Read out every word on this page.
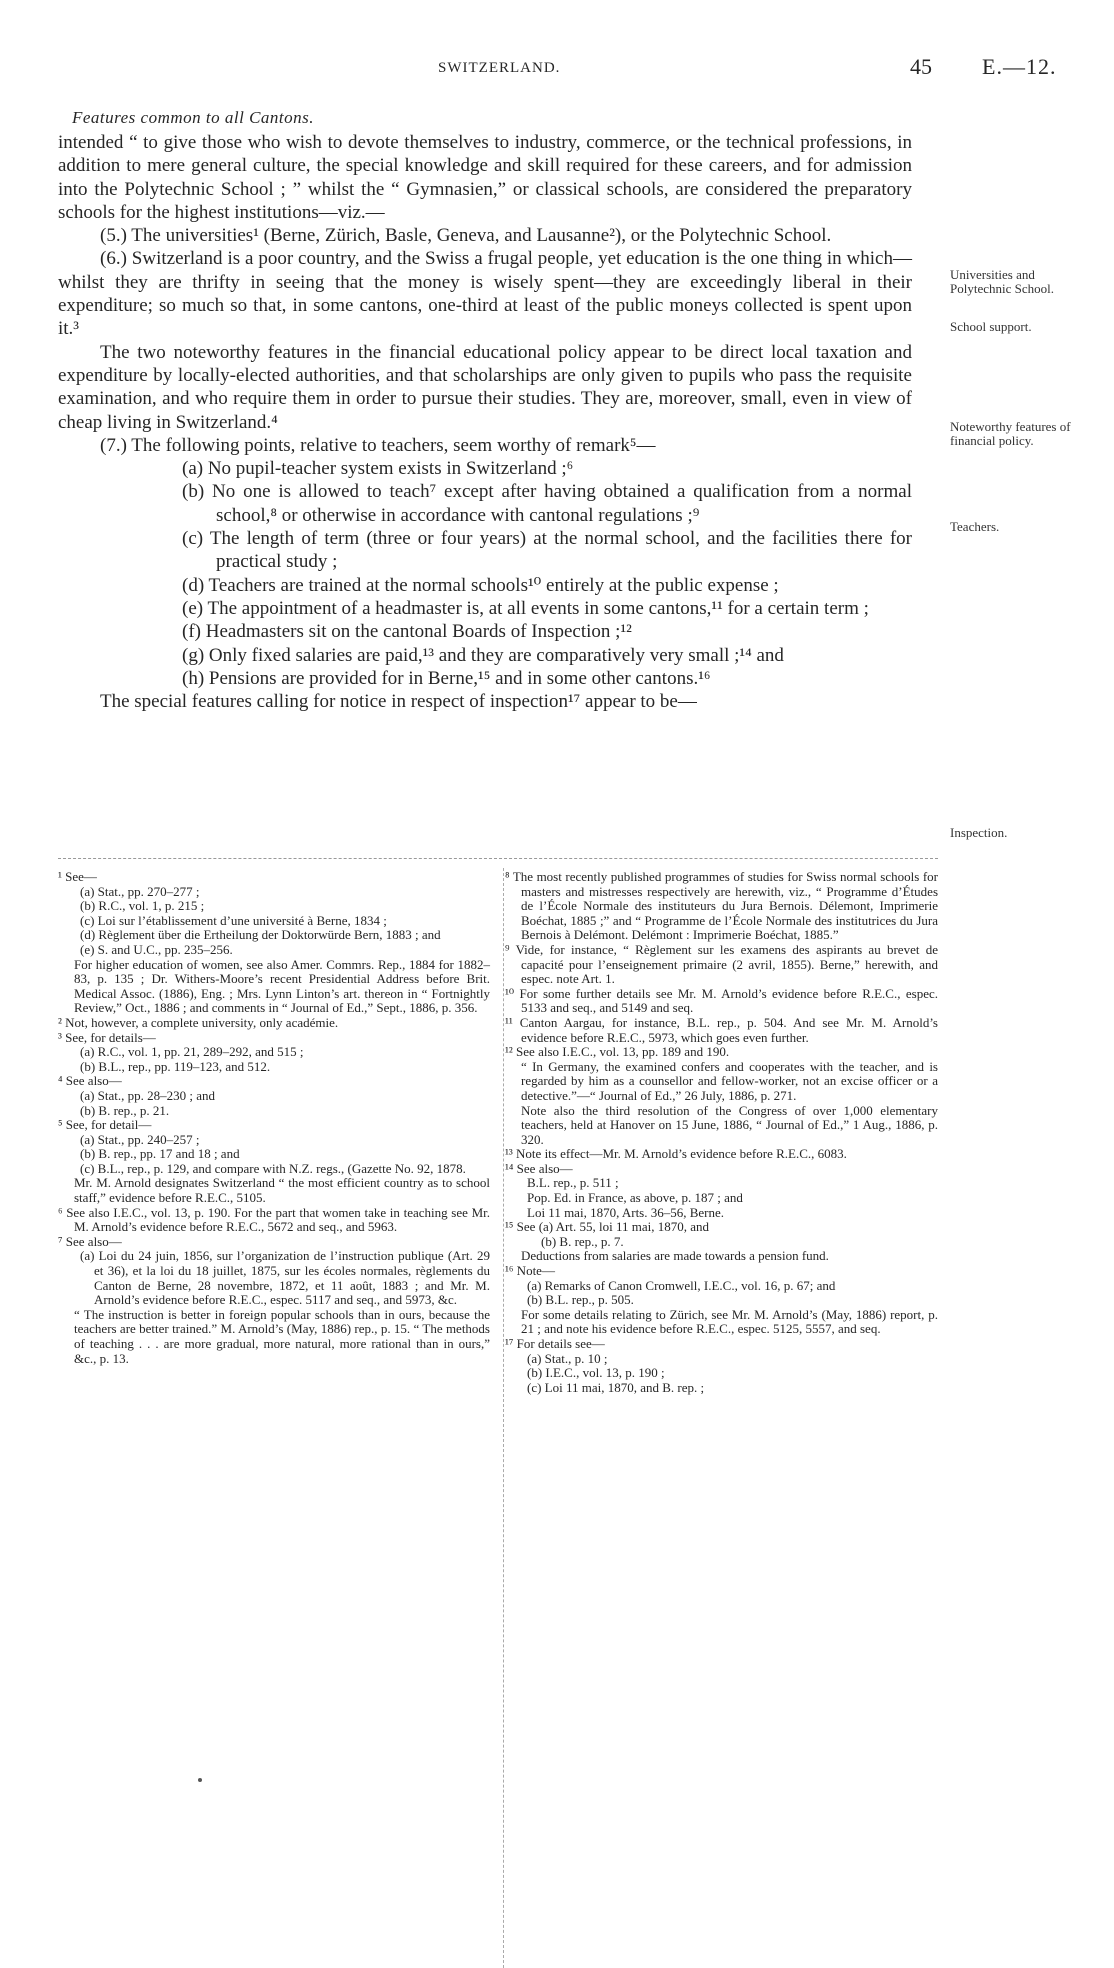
SWITZERLAND.	45 E.—12.
Features common to all Cantons.

intended “ to give those who wish to devote themselves to industry, commerce, or the technical professions, in addition to mere general culture, the special knowledge and skill required for these careers, and for admission into the Polytechnic School ; ” whilst the “ Gymnasien,” or classical schools, are considered the preparatory schools for the highest institutions—viz.—

(5.) The universities¹ (Berne, Zürich, Basle, Geneva, and Lausanne²), or the Polytechnic School.

(6.) Switzerland is a poor country, and the Swiss a frugal people, yet education is the one thing in which—whilst they are thrifty in seeing that the money is wisely spent—they are exceedingly liberal in their expenditure; so much so that, in some cantons, one-third at least of the public moneys collected is spent upon it.³

The two noteworthy features in the financial educational policy appear to be direct local taxation and expenditure by locally-elected authorities, and that scholarships are only given to pupils who pass the requisite examination, and who require them in order to pursue their studies. They are, moreover, small, even in view of cheap living in Switzerland.⁴

(7.) The following points, relative to teachers, seem worthy of remark⁵—

(a) No pupil-teacher system exists in Switzerland ;⁶

(b) No one is allowed to teach⁷ except after having obtained a qualification from a normal school,⁸ or otherwise in accordance with cantonal regulations ;⁹

(c) The length of term (three or four years) at the normal school, and the facilities there for practical study ;

(d) Teachers are trained at the normal schools¹⁰ entirely at the public expense ;

(e) The appointment of a headmaster is, at all events in some cantons,¹¹ for a certain term ;

(f) Headmasters sit on the cantonal Boards of Inspection ;¹²

(g) Only fixed salaries are paid,¹³ and they are comparatively very small ;¹⁴ and

(h) Pensions are provided for in Berne,¹⁵ and in some other cantons.¹⁶

The special features calling for notice in respect of inspection¹⁷ appear to be—

Universities and Polytechnic School.
School support.
Noteworthy features of financial policy.
Teachers.
Inspection.

¹ See—

(a) Stat., pp. 270–277 ;

(b) R.C., vol. 1, p. 215 ;

(c) Loi sur l’établissement d’une université à Berne, 1834 ;

(d) Règlement über die Ertheilung der Doktorwürde Bern, 1883 ; and

(e) S. and U.C., pp. 235–256.

For higher education of women, see also Amer. Commrs. Rep., 1884 for 1882–83, p. 135 ; Dr. Withers-Moore’s recent Presidential Address before Brit. Medical Assoc. (1886), Eng. ; Mrs. Lynn Linton’s art. thereon in “ Fortnightly Review,” Oct., 1886 ; and comments in “ Journal of Ed.,” Sept., 1886, p. 356.

² Not, however, a complete university, only académie.

³ See, for details—

(a) R.C., vol. 1, pp. 21, 289–292, and 515 ;

(b) B.L., rep., pp. 119–123, and 512.

⁴ See also—

(a) Stat., pp. 28–230 ; and

(b) B. rep., p. 21.

⁵ See, for detail—

(a) Stat., pp. 240–257 ;

(b) B. rep., pp. 17 and 18 ; and

(c) B.L., rep., p. 129, and compare with N.Z. regs., (Gazette No. 92, 1878.

Mr. M. Arnold designates Switzerland “ the most efficient country as to school staff,” evidence before R.E.C., 5105.

⁶ See also I.E.C., vol. 13, p. 190. For the part that women take in teaching see Mr. M. Arnold’s evidence before R.E.C., 5672 and seq., and 5963.

⁷ See also—

(a) Loi du 24 juin, 1856, sur l’organization de l’instruction publique (Art. 29 et 36), et la loi du 18 juillet, 1875, sur les écoles normales, règlements du Canton de Berne, 28 novembre, 1872, et 11 août, 1883 ; and Mr. M. Arnold’s evidence before R.E.C., espec. 5117 and seq., and 5973, &c.

“ The instruction is better in foreign popular schools than in ours, because the teachers are better trained.” M. Arnold’s (May, 1886) rep., p. 15. “ The methods of teaching . . . are more gradual, more natural, more rational than in ours,” &c., p. 13.

⁸ The most recently published programmes of studies for Swiss normal schools for masters and mistresses respectively are herewith, viz., “ Programme d’Études de l’École Normale des instituteurs du Jura Bernois. Délemont, Imprimerie Boéchat, 1885 ;” and “ Programme de l’École Normale des institutrices du Jura Bernois à Delémont. Delémont : Imprimerie Boéchat, 1885.”

⁹ Vide, for instance, “ Règlement sur les examens des aspirants au brevet de capacité pour l’enseignement primaire (2 avril, 1855). Berne,” herewith, and espec. note Art. 1.

¹⁰ For some further details see Mr. M. Arnold’s evidence before R.E.C., espec. 5133 and seq., and 5149 and seq.

¹¹ Canton Aargau, for instance, B.L. rep., p. 504. And see Mr. M. Arnold’s evidence before R.E.C., 5973, which goes even further.

¹² See also I.E.C., vol. 13, pp. 189 and 190.

“ In Germany, the examined confers and cooperates with the teacher, and is regarded by him as a counsellor and fellow-worker, not an excise officer or a detective.”—“ Journal of Ed.,” 26 July, 1886, p. 271.

Note also the third resolution of the Congress of over 1,000 elementary teachers, held at Hanover on 15 June, 1886, “ Journal of Ed.,” 1 Aug., 1886, p. 320.

¹³ Note its effect—Mr. M. Arnold’s evidence before R.E.C., 6083.

¹⁴ See also—

B.L. rep., p. 511 ;

Pop. Ed. in France, as above, p. 187 ; and

Loi 11 mai, 1870, Arts. 36–56, Berne.

¹⁵ See (a) Art. 55, loi 11 mai, 1870, and

(b) B. rep., p. 7.

Deductions from salaries are made towards a pension fund.

¹⁶ Note—

(a) Remarks of Canon Cromwell, I.E.C., vol. 16, p. 67; and

(b) B.L. rep., p. 505.

For some details relating to Zürich, see Mr. M. Arnold’s (May, 1886) report, p. 21 ; and note his evidence before R.E.C., espec. 5125, 5557, and seq.

¹⁷ For details see—

(a) Stat., p. 10 ;

(b) I.E.C., vol. 13, p. 190 ;

(c) Loi 11 mai, 1870, and B. rep. ;
